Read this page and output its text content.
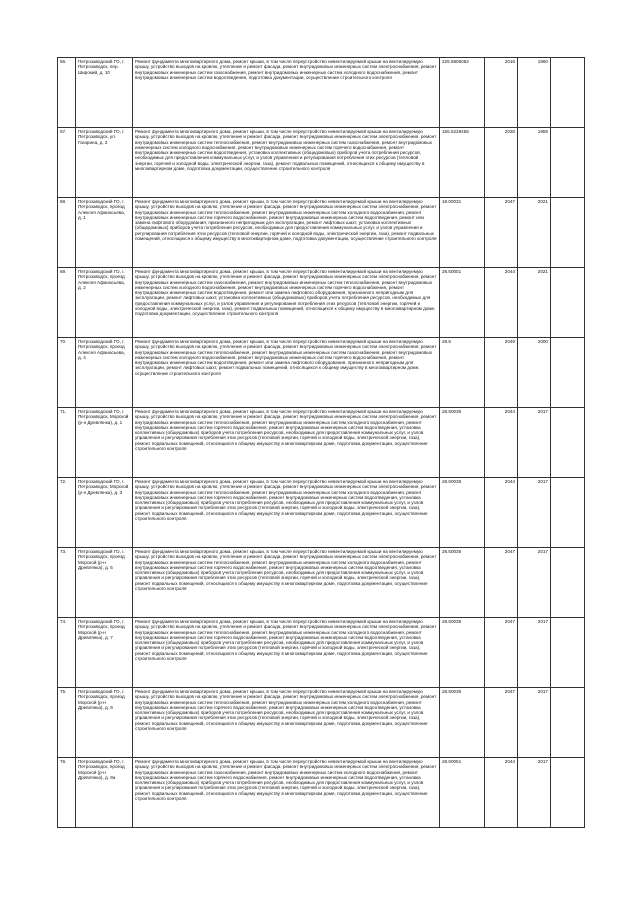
66.	Петрозаводский ГО, г. Петрозаводск, пер. Широкий, д. 10	Ремонт фундамента многоквартирного дома, ремонт крыши, в том числе переустройство невентилируемой крыши на вентилируемую крышу, устройство выходов на кровлю, утепление и ремонт фасада, ремонт внутридомовых инженерных систем электроснабжения, ремонт внутридомовых инженерных систем газоснабжения, ремонт внутридомовых инженерных систем холодного водоснабжения, ремонт внутридомовых инженерных систем водоотведения, подготовка документации, осуществление строительного контроля	225.5806062	2016	1960	
67.	Петрозаводский ГО, г. Петрозаводск, ул. Гагарина, д. 2	Ремонт фундамента многоквартирного дома, ремонт крыши, в том числе переустройство невентилируемой крыши на вентилируемую крышу, устройство выходов на кровлю, утепление и ремонт фасада, ремонт внутридомовых инженерных систем электроснабжения, ремонт внутридомовых инженерных систем теплоснабжения, ремонт внутридомовых инженерных систем газоснабжения, ремонт внутридомовых инженерных систем холодного водоснабжения, ремонт внутридомовых инженерных систем горячего водоснабжения, ремонт внутридомовых инженерных систем водоотведения, установка коллективных (общедомовых) приборов учета потребления ресурсов, необходимых для предоставления коммунальных услуг, и узлов управления и регулирования потребления этих ресурсов (тепловой энергии, горячей и холодной воды, электрической энергии, газа), ремонт подвальных помещений, относящихся к общему имуществу в многоквартирном доме, подготовка документации, осуществление строительного контроля	155.5228455	2028	1959	
68.	Петрозаводский ГО, г. Петрозаводск, проезд Алексея Афанасьева, д. 1	Ремонт фундамента многоквартирного дома, ремонт крыши, в том числе переустройство невентилируемой крыши на вентилируемую крышу, устройство выходов на кровлю, утепление и ремонт фасада, ремонт внутридомовых инженерных систем электроснабжения, ремонт внутридомовых инженерных систем теплоснабжения, ремонт внутридомовых инженерных систем холодного водоснабжения, ремонт внутридомовых инженерных систем горячего водоснабжения, ремонт внутридомовых инженерных систем водоотведения, ремонт или замена лифтового оборудования, признанного непригодным для эксплуатации, ремонт лифтовых шахт, установка коллективных (общедомовых) приборов учета потребления ресурсов, необходимых для предоставления коммунальных услуг, и узлов управления и регулирования потребления этих ресурсов (тепловой энергии, горячей и холодной воды, электрической энергии, газа), ремонт подвальных помещений, относящихся к общему имуществу в многоквартирном доме, подготовка документации, осуществление строительного контроля	18.00031	2047	2021	
69.	Петрозаводский ГО, г. Петрозаводск, проезд Алексея Афанасьева, д. 2	Ремонт фундамента многоквартирного дома, ремонт крыши, в том числе переустройство невентилируемой крыши на вентилируемую крышу, устройство выходов на кровлю, утепление и ремонт фасада, ремонт внутридомовых инженерных систем электроснабжения, ремонт внутридомовых инженерных систем газоснабжения, ремонт внутридомовых инженерных систем теплоснабжения, ремонт внутридомовых инженерных систем холодного водоснабжения, ремонт внутридомовых инженерных систем горячего водоснабжения, ремонт внутридомовых инженерных систем водоотведения, ремонт или замена лифтового оборудования, признанного непригодным для эксплуатации, ремонт лифтовых шахт, установка коллективных (общедомовых) приборов учета потребления ресурсов, необходимых для предоставления коммунальных услуг, и узлов управления и регулирования потребления этих ресурсов (тепловой энергии, горячей и холодной воды, электрической энергии, газа), ремонт подвальных помещений, относящихся к общему имуществу в многоквартирном доме, подготовка документации, осуществление строительного контроля	28.50001	2044	2021	
70.	Петрозаводский ГО, г. Петрозаводск, проезд Алексея Афанасьева, д. 4	Ремонт фундамента многоквартирного дома, ремонт крыши, в том числе переустройство невентилируемой крыши на вентилируемую крышу, устройство выходов на кровлю, утепление и ремонт фасада, ремонт внутридомовых инженерных систем электроснабжения, ремонт внутридомовых инженерных систем теплоснабжения, ремонт внутридомовых инженерных систем газоснабжения, ремонт внутридомовых инженерных систем холодного водоснабжения, ремонт внутридомовых инженерных систем горячего водоснабжения, ремонт внутридомовых инженерных систем водоотведения, ремонт или замена лифтового оборудования, признанного непригодным для эксплуатации, ремонт лифтовых шахт, ремонт подвальных помещений, относящихся к общему имуществу в многоквартирном доме, осуществление строительного контроля	28.5	2049	2000	
71.	Петрозаводский ГО, г. Петрозаводск, Морскoй (р-н Древлянка), д. 1	Ремонт фундамента многоквартирного дома, ремонт крыши, в том числе переустройство невентилируемой крыши на вентилируемую крышу, устройство выходов на кровлю, утепление и ремонт фасада, ремонт внутридомовых инженерных систем электроснабжения, ремонт внутридомовых инженерных систем теплоснабжения, ремонт внутридомовых инженерных систем холодного водоснабжения, ремонт внутридомовых инженерных систем горячего водоснабжения, ремонт внутридомовых инженерных систем водоотведения, установка коллективных (общедомовых) приборов учета потребления ресурсов, необходимых для предоставления коммунальных услуг, и узлов управления и регулирования потребления этих ресурсов (тепловой энергии, горячей и холодной воды, электрической энергии, газа), ремонт подвальных помещений, относящихся к общему имуществу в многоквартирном доме, подготовка документации, осуществление строительного контроля	28.50035	2044	2017	
72.	Петрозаводский ГО, г. Петрозаводск, Морскoй (р-н Древлянка), д. 3	Ремонт фундамента многоквартирного дома, ремонт крыши, в том числе переустройство невентилируемой крыши на вентилируемую крышу, устройство выходов на кровлю, утепление и ремонт фасада, ремонт внутридомовых инженерных систем электроснабжения, ремонт внутридомовых инженерных систем теплоснабжения, ремонт внутридомовых инженерных систем холодного водоснабжения, ремонт внутридомовых инженерных систем горячего водоснабжения, ремонт внутридомовых инженерных систем водоотведения, установка коллективных (общедомовых) приборов учета потребления ресурсов, необходимых для предоставления коммунальных услуг, и узлов управления и регулирования потребления этих ресурсов (тепловой энергии, горячей и холодной воды, электрической энергии, газа), ремонт подвальных помещений, относящихся к общему имуществу в многоквартирном доме, подготовка документации, осуществление строительного контроля	28.50035	2044	2017	
73.	Петрозаводский ГО, г. Петрозаводск, проезд Морскoй (р-н Древлянка), д. 5	Ремонт фундамента многоквартирного дома, ремонт крыши, в том числе переустройство невентилируемой крыши на вентилируемую крышу, устройство выходов на кровлю, утепление и ремонт фасада, ремонт внутридомовых инженерных систем электроснабжения, ремонт внутридомовых инженерных систем теплоснабжения, ремонт внутридомовых инженерных систем холодного водоснабжения, ремонт внутридомовых инженерных систем горячего водоснабжения, ремонт внутридомовых инженерных систем водоотведения, установка коллективных (общедомовых) приборов учета потребления ресурсов, необходимых для предоставления коммунальных услуг, и узлов управления и регулирования потребления этих ресурсов (тепловой энергии, горячей и холодной воды, электрической энергии, газа), ремонт подвальных помещений, относящихся к общему имуществу в многоквартирном доме, подготовка документации, осуществление строительного контроля	28.50035	2047	2017	
74.	Петрозаводский ГО, г. Петрозаводск, проезд Морскoй (р-н Древлянка), д. 7	Ремонт фундамента многоквартирного дома, ремонт крыши, в том числе переустройство невентилируемой крыши на вентилируемую крышу, устройство выходов на кровлю, утепление и ремонт фасада, ремонт внутридомовых инженерных систем электроснабжения, ремонт внутридомовых инженерных систем теплоснабжения, ремонт внутридомовых инженерных систем холодного водоснабжения, ремонт внутридомовых инженерных систем горячего водоснабжения, ремонт внутридомовых инженерных систем водоотведения, установка коллективных (общедомовых) приборов учета потребления ресурсов, необходимых для предоставления коммунальных услуг, и узлов управления и регулирования потребления этих ресурсов (тепловой энергии, горячей и холодной воды, электрической энергии, газа), ремонт подвальных помещений, относящихся к общему имуществу в многоквартирном доме, подготовка документации, осуществление строительного контроля	28.50035	2047	2017	
75.	Петрозаводский ГО, г. Петрозаводск, проезд Морскoй (р-н Древлянка), д. 9	Ремонт фундамента многоквартирного дома, ремонт крыши, в том числе переустройство невентилируемой крыши на вентилируемую крышу, устройство выходов на кровлю, утепление и ремонт фасада, ремонт внутридомовых инженерных систем электроснабжения, ремонт внутридомовых инженерных систем теплоснабжения, ремонт внутридомовых инженерных систем холодного водоснабжения, ремонт внутридомовых инженерных систем горячего водоснабжения, ремонт внутридомовых инженерных систем водоотведения, установка коллективных (общедомовых) приборов учета потребления ресурсов, необходимых для предоставления коммунальных услуг, и узлов управления и регулирования потребления этих ресурсов (тепловой энергии, горячей и холодной воды, электрической энергии, газа), ремонт подвальных помещений, относящихся к общему имуществу в многоквартирном доме, подготовка документации, осуществление строительного контроля	28.50035	2047	2017	
76.	Петрозаводский ГО, г. Петрозаводск, проезд Морскoй (р-н Древлянка), д. 9а	Ремонт фундамента многоквартирного дома, ремонт крыши, в том числе переустройство невентилируемой крыши на вентилируемую крышу, устройство выходов на кровлю, утепление и ремонт фасада, ремонт внутридомовых инженерных систем электроснабжения, ремонт внутридомовых инженерных систем газоснабжения, ремонт внутридомовых инженерных систем холодного водоснабжения, ремонт внутридомовых инженерных систем горячего водоснабжения, ремонт внутридомовых инженерных систем водоотведения, установка коллективных (общедомовых) приборов учета потребления ресурсов, необходимых для предоставления коммунальных услуг, и узлов управления и регулирования потребления этих ресурсов (тепловой энергии, горячей и холодной воды, электрической энергии, газа), ремонт подвальных помещений, относящихся к общему имуществу в многоквартирном доме, подготовка документации, осуществление строительного контроля	28.50051	2044	2017	
